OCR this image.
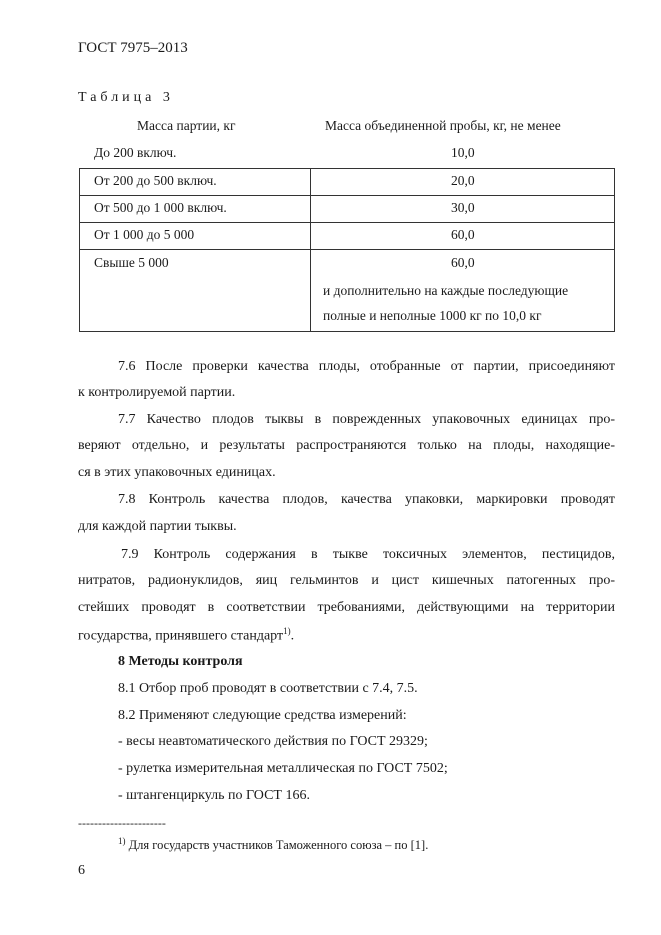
ГОСТ 7975–2013
Таблица 3
Масса партии, кг	Масса объединенной пробы, кг, не менее
До 200 включ.	10,0
От 200 до 500 включ.	20,0
От 500 до 1 000 включ.	30,0
От 1 000 до 5 000	60,0
Свыше 5 000	60,0
и дополнительно на каждые последующие
полные и неполные 1000 кг по 10,0 кг
7.6 После проверки качества плоды, отобранные от партии, присоединяют
к контролируемой партии.
7.7 Качество плодов тыквы в поврежденных упаковочных единицах про-
веряют отдельно, и результаты распространяются только на плоды, находящие-
ся в этих упаковочных единицах.
7.8 Контроль качества плодов, качества упаковки, маркировки проводят
для каждой партии тыквы.
7.9 Контроль содержания в тыкве токсичных элементов, пестицидов,
нитратов, радионуклидов, яиц гельминтов и цист кишечных патогенных про-
стейших проводят в соответствии требованиями, действующими на территории
государства, принявшего стандарт$^{1)}$.
8 Методы контроля
8.1 Отбор проб проводят в соответствии с 7.4, 7.5.
8.2 Применяют следующие средства измерений:
- весы неавтоматического действия по ГОСТ 29329;
- рулетка измерительная металлическая по ГОСТ 7502;
- штангенциркуль по ГОСТ 166.
----------------------
$^{1)}$ Для государств участников Таможенного союза – по [1].
6
